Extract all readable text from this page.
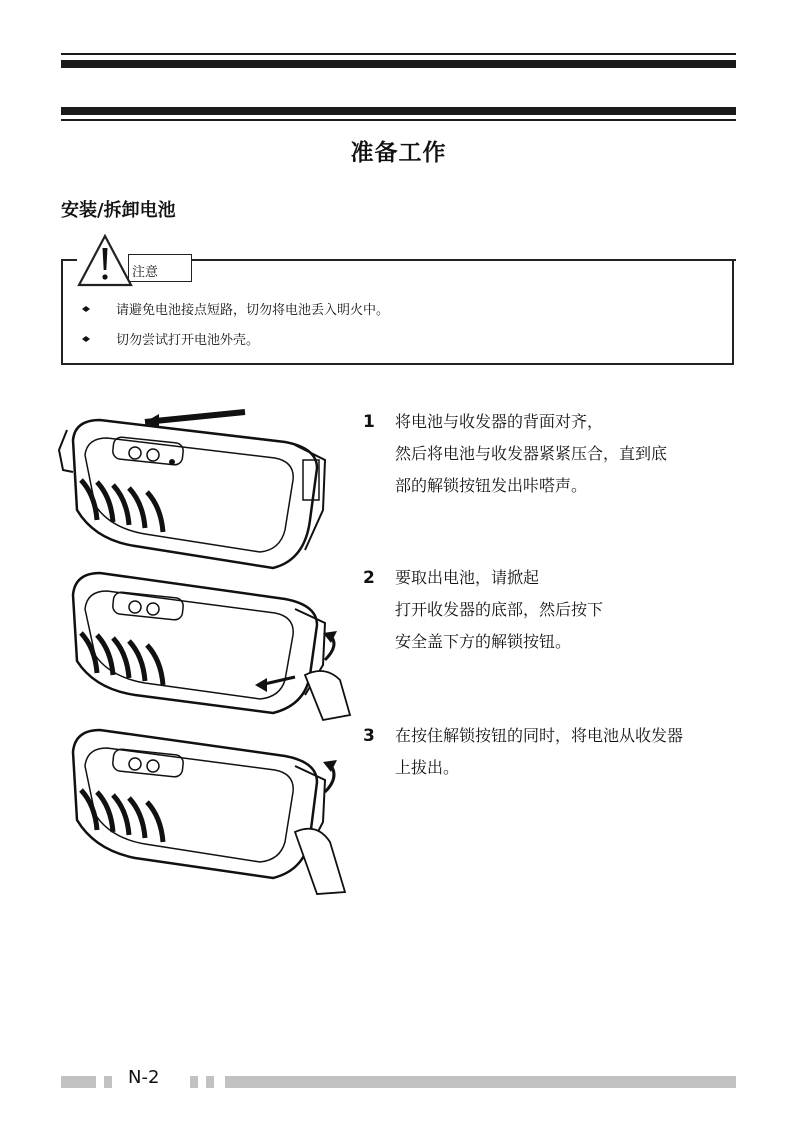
准备工作
安装/拆卸电池
注意
请避免电池接点短路，切勿将电池丢入明火中。
切勿尝试打开电池外壳。
1 将电池与收发器的背面对齐，
然后将电池与收发器紧紧压合，直到底
部的解锁按钮发出咔嗒声。
2 要取出电池，请掀起
打开收发器的底部，然后按下
安全盖下方的解锁按钮。
3 在按住解锁按钮的同时，将电池从收发器
上拔出。
N-2
